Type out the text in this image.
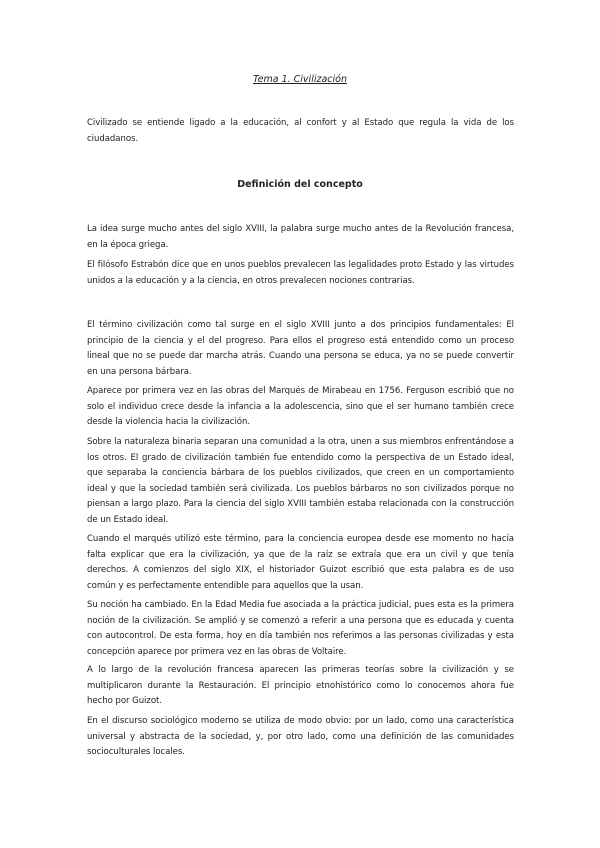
Tema 1. Civilización

Civilizado se entiende ligado a la educación, al confort y al Estado que regula la vida de los ciudadanos.

Definición del concepto

La idea surge mucho antes del siglo XVIII, la palabra surge mucho antes de la Revolución francesa, en la época griega.

El filósofo Estrabón dice que en unos pueblos prevalecen las legalidades proto Estado y las virtudes unidos a la educación y a la ciencia, en otros prevalecen nociones contrarias.

El término civilización como tal surge en el siglo XVIII junto a dos principios fundamentales: El principio de la ciencia y el del progreso. Para ellos el progreso está entendido como un proceso lineal que no se puede dar marcha atrás. Cuando una persona se educa, ya no se puede convertir en una persona bárbara.

Aparece por primera vez en las obras del Marqués de Mirabeau en 1756. Ferguson escribió que no solo el individuo crece desde la infancia a la adolescencia, sino que el ser humano también crece desde la violencia hacia la civilización.

Sobre la naturaleza binaria separan una comunidad a la otra, unen a sus miembros enfrentándose a los otros. El grado de civilización también fue entendido como la perspectiva de un Estado ideal, que separaba la conciencia bárbara de los pueblos civilizados, que creen en un comportamiento ideal y que la sociedad también será civilizada. Los pueblos bárbaros no son civilizados porque no piensan a largo plazo. Para la ciencia del siglo XVIII también estaba relacionada con la construcción de un Estado ideal.

Cuando el marqués utilizó este término, para la conciencia europea desde ese momento no hacía falta explicar que era la civilización, ya que de la raíz se extraía que era un civil y que tenía derechos. A comienzos del siglo XIX, el historiador Guizot escribió que esta palabra es de uso común y es perfectamente entendible para aquellos que la usan.

Su noción ha cambiado. En la Edad Media fue asociada a la práctica judicial, pues esta es la primera noción de la civilización. Se amplió y se comenzó a referir a una persona que es educada y cuenta con autocontrol. De esta forma, hoy en día también nos referimos a las personas civilizadas y esta concepción aparece por primera vez en las obras de Voltaire.

A lo largo de la revolución francesa aparecen las primeras teorías sobre la civilización y se multiplicaron durante la Restauración. El principio etnohistórico como lo conocemos ahora fue hecho por Guizot.

En el discurso sociológico moderno se utiliza de modo obvio: por un lado, como una característica universal y abstracta de la sociedad, y, por otro lado, como una definición de las comunidades socioculturales locales.
